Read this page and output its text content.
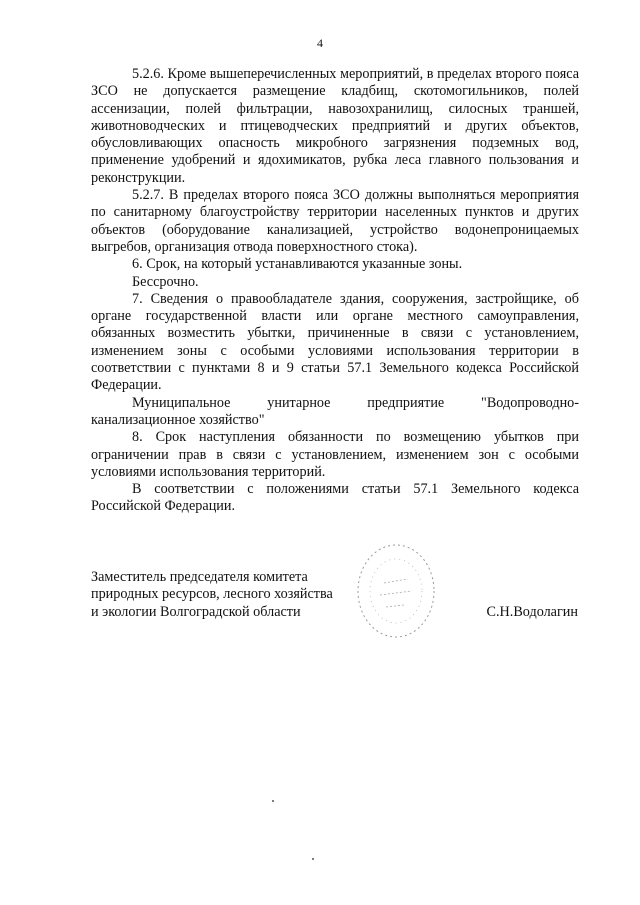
4

5.2.6. Кроме вышеперечисленных мероприятий, в пределах второго пояса ЗСО не допускается размещение кладбищ, скотомогильников, полей ассенизации, полей фильтрации, навозохранилищ, силосных траншей, животноводческих и птицеводческих предприятий и других объектов, обусловливающих опасность микробного загрязнения подземных вод, применение удобрений и ядохимикатов, рубка леса главного пользования и реконструкции.

5.2.7. В пределах второго пояса ЗСО должны выполняться мероприятия по санитарному благоустройству территории населенных пунктов и других объектов (оборудование канализацией, устройство водонепроницаемых выгребов, организация отвода поверхностного стока).

6. Срок, на который устанавливаются указанные зоны.

Бессрочно.

7. Сведения о правообладателе здания, сооружения, застройщике, об органе государственной власти или органе местного самоуправления, обязанных возместить убытки, причиненные в связи с установлением, изменением зоны с особыми условиями использования территории в соответствии с пунктами 8 и 9 статьи 57.1 Земельного кодекса Российской Федерации.

Муниципальное унитарное предприятие "Водопроводно-канализационное хозяйство"

8. Срок наступления обязанности по возмещению убытков при ограничении прав в связи с установлением, изменением зон с особыми условиями использования территорий.

В соответствии с положениями статьи 57.1 Земельного кодекса Российской Федерации.

Заместитель председателя комитета

природных ресурсов, лесного хозяйства

и экологии Волгоградской области	С.Н.Водолагин
